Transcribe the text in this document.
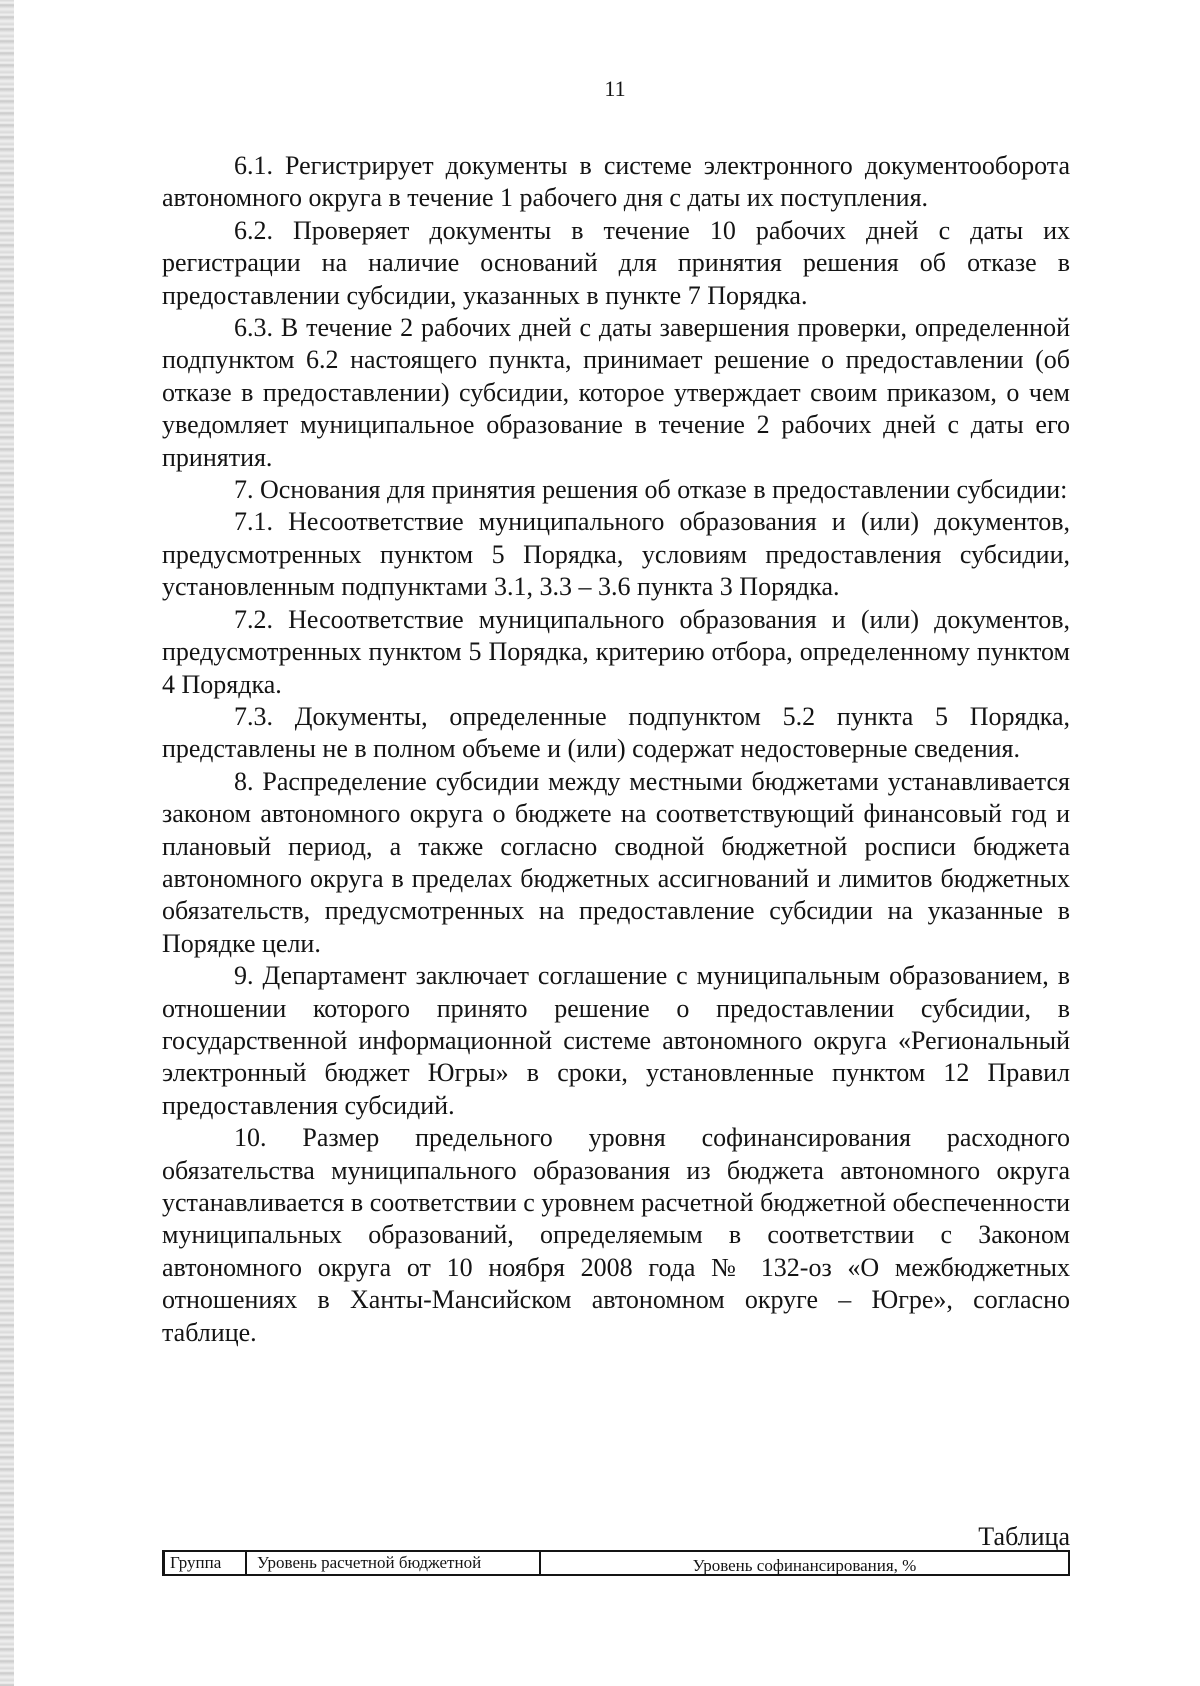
11

6.1. Регистрирует документы в системе электронного документооборота автономного округа в течение 1 рабочего дня с даты их поступления.

6.2. Проверяет документы в течение 10 рабочих дней с даты их регистрации на наличие оснований для принятия решения об отказе в предоставлении субсидии, указанных в пункте 7 Порядка.

6.3. В течение 2 рабочих дней с даты завершения проверки, определенной подпунктом 6.2 настоящего пункта, принимает решение о предоставлении (об отказе в предоставлении) субсидии, которое утверждает своим приказом, о чем уведомляет муниципальное образование в течение 2 рабочих дней с даты его принятия.

7. Основания для принятия решения об отказе в предоставлении субсидии:

7.1. Несоответствие муниципального образования и (или) документов, предусмотренных пунктом 5 Порядка, условиям предоставления субсидии, установленным подпунктами 3.1, 3.3 – 3.6 пункта 3 Порядка.

7.2. Несоответствие муниципального образования и (или) документов, предусмотренных пунктом 5 Порядка, критерию отбора, определенному пунктом 4 Порядка.

7.3. Документы, определенные подпунктом 5.2 пункта 5 Порядка, представлены не в полном объеме и (или) содержат недостоверные сведения.

8. Распределение субсидии между местными бюджетами устанавливается законом автономного округа о бюджете на соответствующий финансовый год и плановый период, а также согласно сводной бюджетной росписи бюджета автономного округа в пределах бюджетных ассигнований и лимитов бюджетных обязательств, предусмотренных на предоставление субсидии на указанные в Порядке цели.

9. Департамент заключает соглашение с муниципальным образованием, в отношении которого принято решение о предоставлении субсидии, в государственной информационной системе автономного округа «Региональный электронный бюджет Югры» в сроки, установленные пунктом 12 Правил предоставления субсидий.

10. Размер предельного уровня софинансирования расходного обязательства муниципального образования из бюджета автономного округа устанавливается в соответствии с уровнем расчетной бюджетной обеспеченности муниципальных образований, определяемым в соответствии с Законом автономного округа от 10 ноября 2008 года № 132-оз «О межбюджетных отношениях в Ханты-Мансийском автономном округе – Югре», согласно таблице.

Таблица
Группа	Уровень расчетной бюджетной	Уровень софинансирования, %
